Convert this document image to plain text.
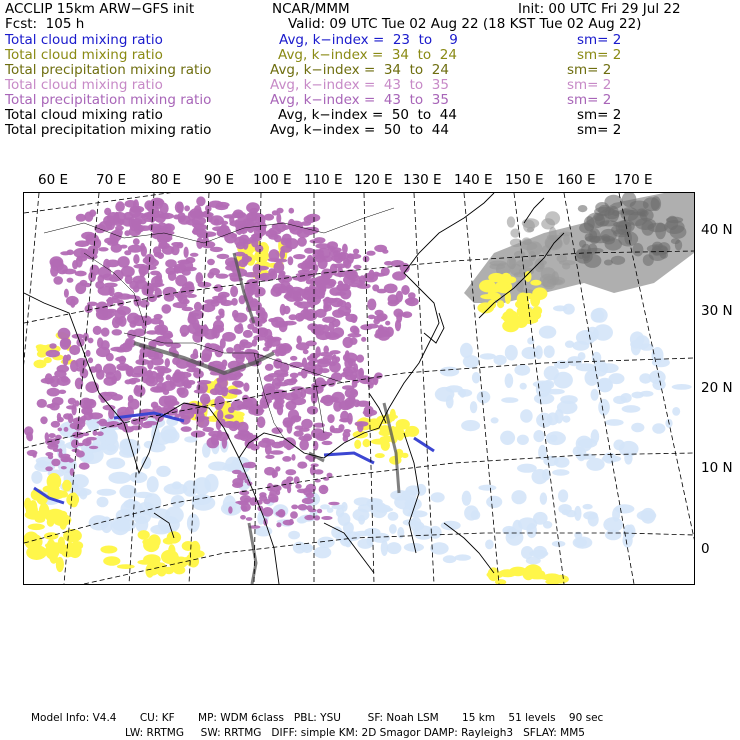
ACCLIP 15km ARW−GFS init	NCAR/MMM	Init: 00 UTC Fri 29 Jul 22
Fcst:  105 h	Valid: 09 UTC Tue 02 Aug 22 (18 KST Tue 02 Aug 22)
Total cloud mixing ratio	Avg, k−index =  23  to    9	sm= 2
Total cloud mixing ratio	Avg, k−index =  34  to  24	sm= 2
Total precipitation mixing ratio	Avg, k−index =  34  to  24	sm= 2
Total cloud mixing ratio	Avg, k−index =  43  to  35	sm= 2
Total precipitation mixing ratio	Avg, k−index =  43  to  35	sm= 2
Total cloud mixing ratio	Avg, k−index =  50  to  44	sm= 2
Total precipitation mixing ratio	Avg, k−index =  50  to  44	sm= 2
60 E 70 E 80 E 90 E 100 E 110 E 120 E 130 E 140 E 150 E 160 E 170 E
40 N
30 N
20 N
10 N
0
Model Info: V4.4       CU: KF       MP: WDM 6class   PBL: YSU        SF: Noah LSM       15 km    51 levels    90 sec
LW: RRTMG     SW: RRTMG   DIFF: simple KM: 2D Smagor DAMP: Rayleigh3   SFLAY: MM5
